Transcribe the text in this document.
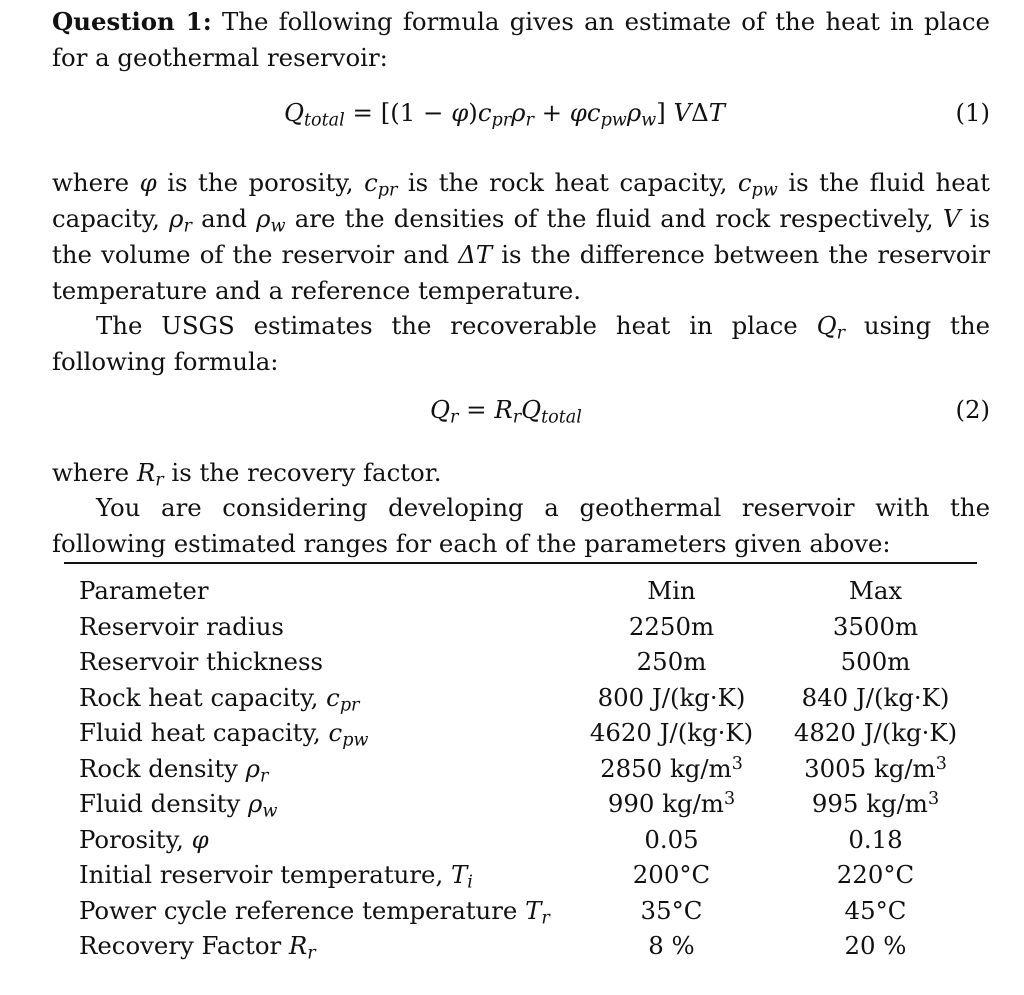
Question 1: The following formula gives an estimate of the heat in place for a geothermal reservoir:

$Q_{total} = [(1 - \varphi)c_{pr}\rho_r + \varphi c_{pw}\rho_w]$ VΔT	(1)

where φ is the porosity, $c_{pr}$ is the rock heat capacity, $c_{pw}$ is the fluid heat capacity, $\rho_r$ and $\rho_w$ are the densities of the fluid and rock respectively, V is the volume of the reservoir and ΔT is the difference between the reservoir temperature and a reference temperature.

The USGS estimates the recoverable heat in place $Q_r$ using the following formula:

$Q_r = R_rQ_{total}$	(2)

where $R_r$ is the recovery factor.

You are considering developing a geothermal reservoir with the following estimated ranges for each of the parameters given above:

Parameter	Min	Max
Reservoir radius	2250m	3500m
Reservoir thickness	250m	500m
Rock heat capacity, $c_{pr}$	800 J/(kg·K)	840 J/(kg·K)
Fluid heat capacity, $c_{pw}$	4620 J/(kg·K)	4820 J/(kg·K)
Rock density $\rho_r$	2850 $kg/m^3$	3005 $kg/m^3$
Fluid density $\rho_w$	990 $kg/m^3$	995 $kg/m^3$
Porosity, φ	0.05	0.18
Initial reservoir temperature, $T_i$	200°C	220°C
Power cycle reference temperature $T_r$	35°C	45°C
Recovery Factor $R_r$	8 %	20 %
